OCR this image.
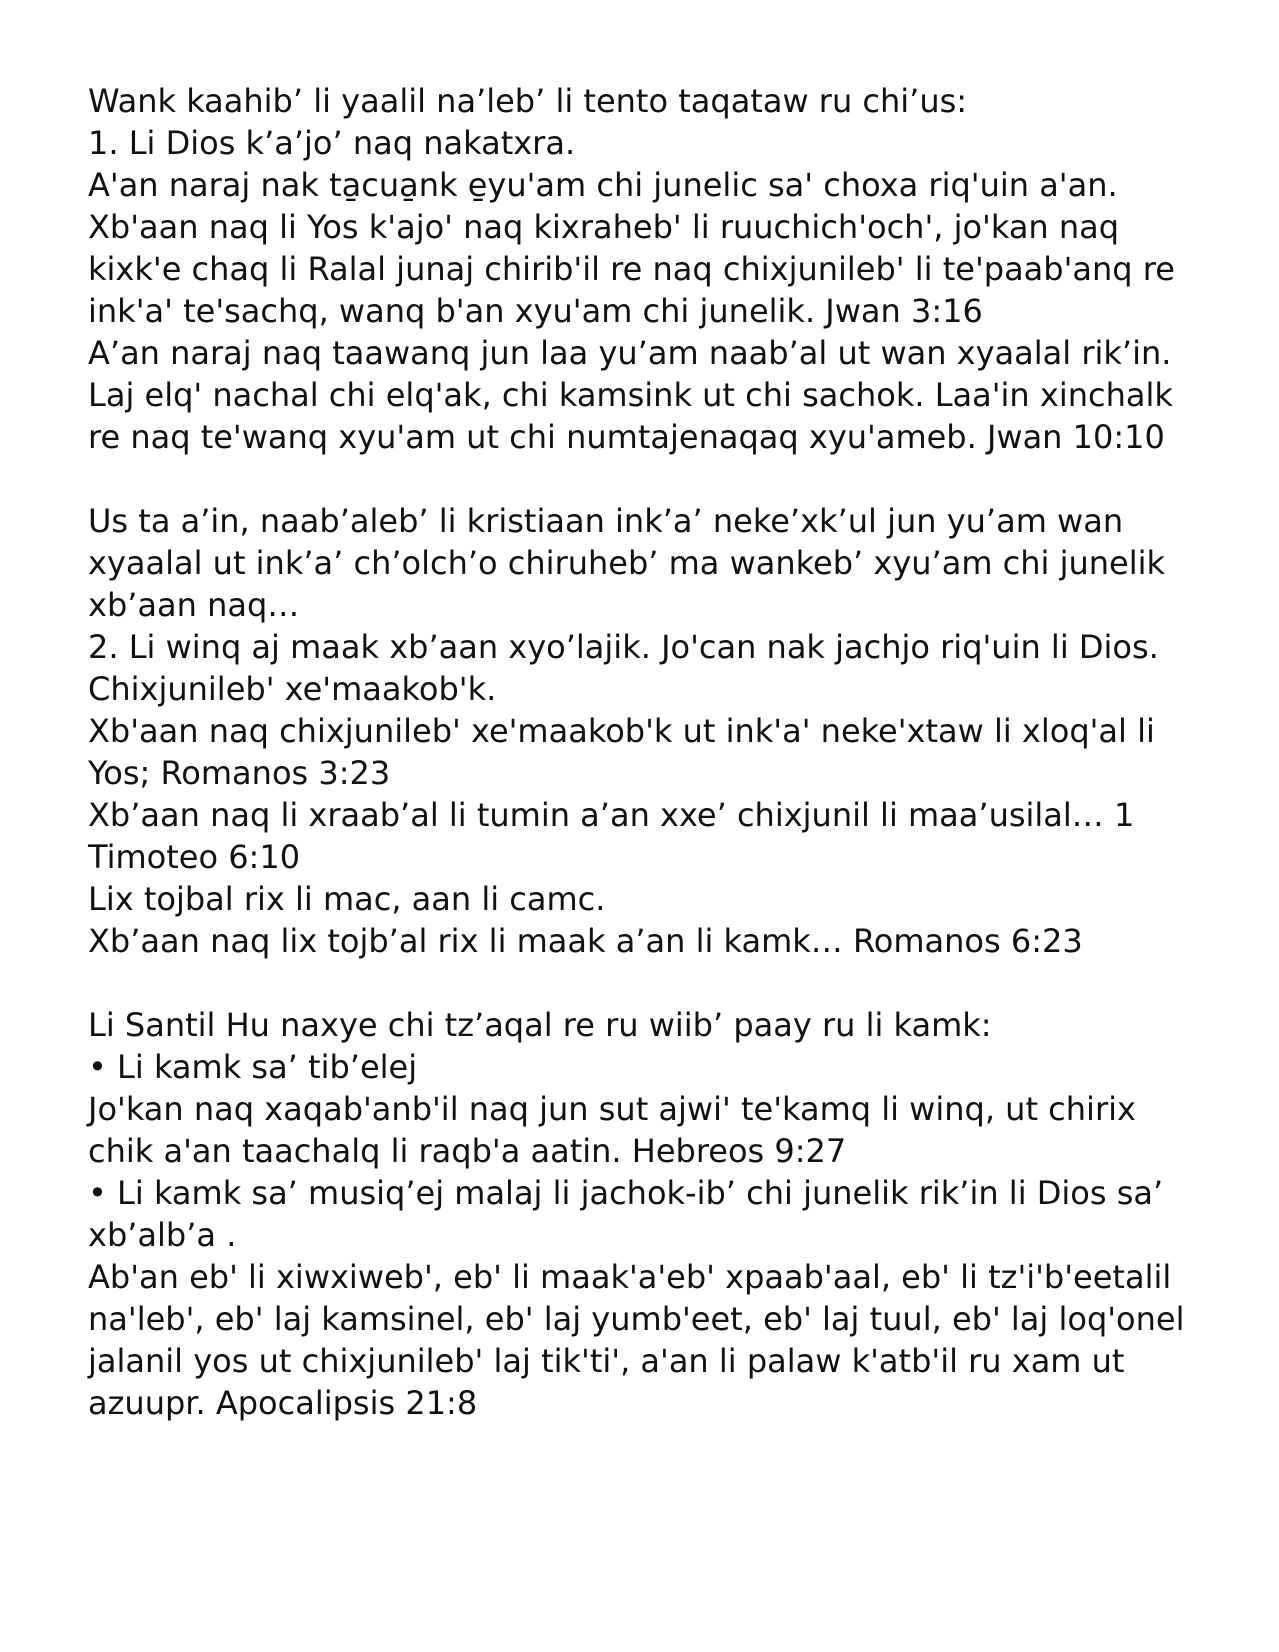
Wank kaahib’ li yaalil na’leb’ li tento taqataw ru chi’us:
1. Li Dios k’a’jo’ naq nakatxra.
A'an naraj nak ta̱cua̱nk e̱yu'am chi junelic sa' choxa riq'uin a'an.
Xb'aan naq li Yos k'ajo' naq kixraheb' li ruuchich'och', jo'kan naq kixk'e chaq li Ralal junaj chirib'il re naq chixjunileb' li te'paab'anq re ink'a' te'sachq, wanq b'an xyu'am chi junelik. Jwan 3:16
A’an naraj naq taawanq jun laa yu’am naab’al ut wan xyaalal rik’in.
Laj elq' nachal chi elq'ak, chi kamsink ut chi sachok. Laa'in xinchalk re naq te'wanq xyu'am ut chi numtajenaqaq xyu'ameb. Jwan 10:10
Us ta a’in, naab’aleb’ li kristiaan ink’a’ neke’xk’ul jun yu’am wan xyaalal ut ink’a’ ch’olch’o chiruheb’ ma wankeb’ xyu’am chi junelik xb’aan naq…
2. Li winq aj maak xb’aan xyo’lajik. Jo'can nak jachjo riq'uin li Dios.
Chixjunileb' xe'maakob'k.
Xb'aan naq chixjunileb' xe'maakob'k ut ink'a' neke'xtaw li xloq'al li Yos; Romanos 3:23
Xb’aan naq li xraab’al li tumin a’an xxe’ chixjunil li maa’usilal… 1 Timoteo 6:10
Lix tojbal rix li mac, aan li camc.
Xb’aan naq lix tojb’al rix li maak a’an li kamk… Romanos 6:23
Li Santil Hu naxye chi tz’aqal re ru wiib’ paay ru li kamk:
• Li kamk sa’ tib’elej
Jo'kan naq xaqab'anb'il naq jun sut ajwi' te'kamq li winq, ut chirix chik a'an taachalq li raqb'a aatin. Hebreos 9:27
• Li kamk sa’ musiq’ej malaj li jachok-ib’ chi junelik rik’in li Dios sa’ xb’alb’a .
Ab'an eb' li xiwxiweb', eb' li maak'a'eb' xpaab'aal, eb' li tz'i'b'eetalil na'leb', eb' laj kamsinel, eb' laj yumb'eet, eb' laj tuul, eb' laj loq'onel jalanil yos ut chixjunileb' laj tik'ti', a'an li palaw k'atb'il ru xam ut azuupr. Apocalipsis 21:8
